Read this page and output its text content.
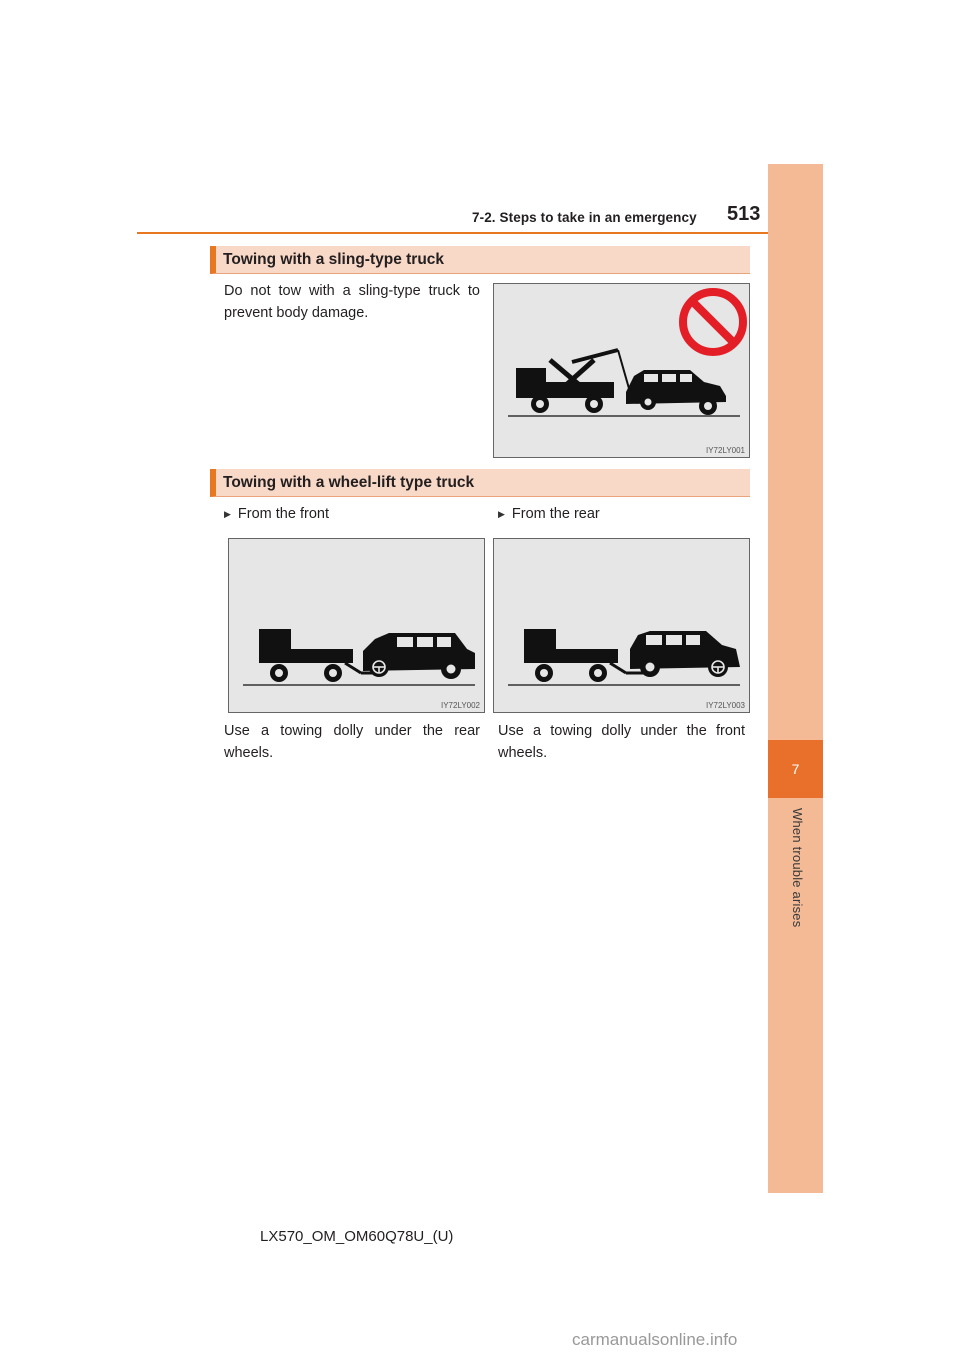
7-2. Steps to take in an emergency 513
7
When trouble arises
Towing with a sling-type truck
Do not tow with a sling-type truck to prevent body damage.
IY72LY001
Towing with a wheel-lift type truck
▶ From the front	▶ From the rear
IY72LY002	IY72LY003
Use a towing dolly under the rear wheels.
Use a towing dolly under the front wheels.
LX570_OM_OM60Q78U_(U)
carmanualsonline.info
